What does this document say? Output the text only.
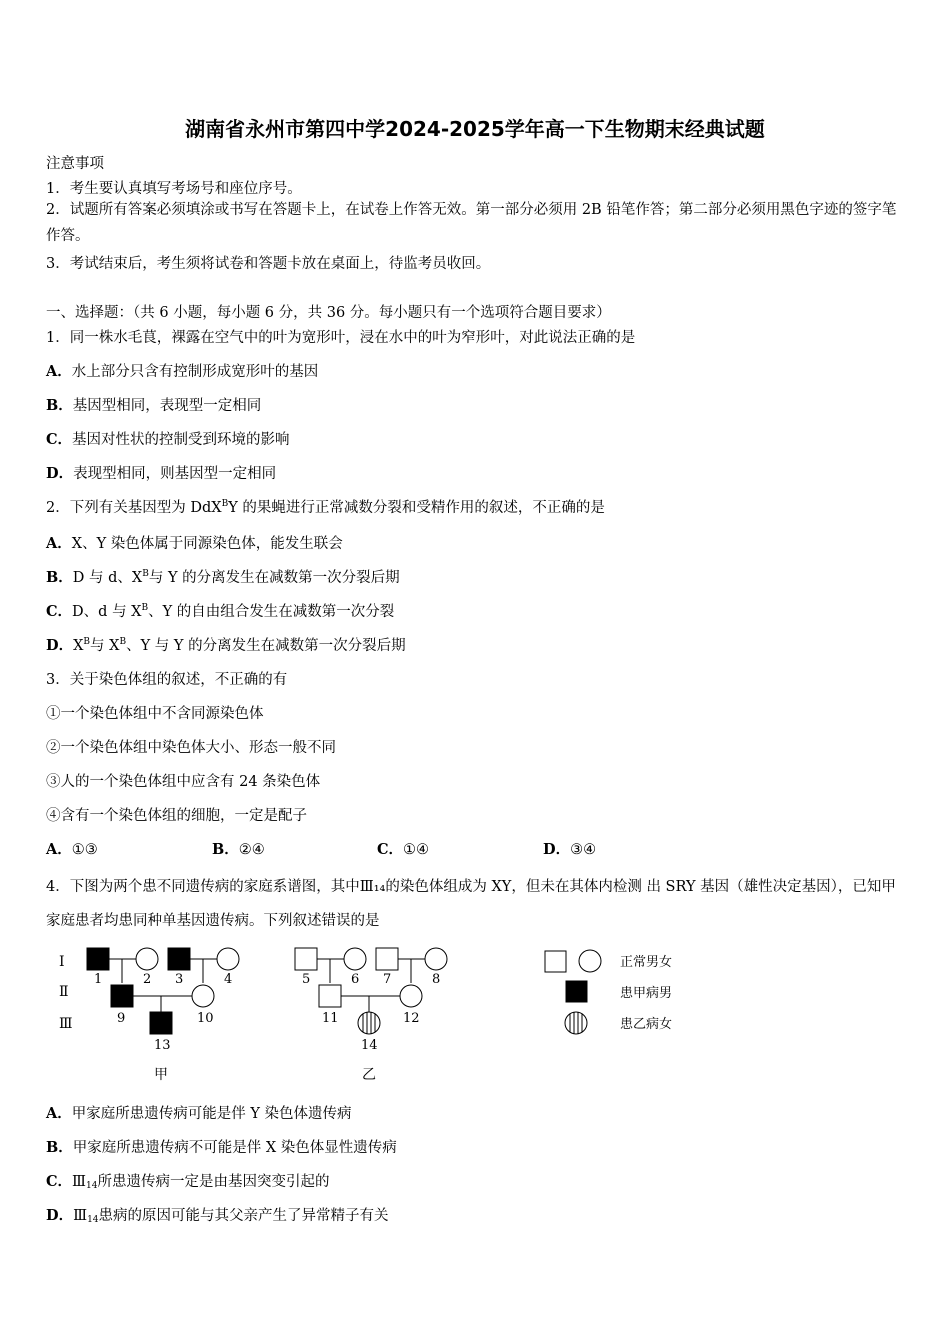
湖南省永州市第四中学2024-2025学年高一下生物期末经典试题
注意事项
1．考生要认真填写考场号和座位序号。
2．试题所有答案必须填涂或书写在答题卡上，在试卷上作答无效。第一部分必须用 2B 铅笔作答；第二部分必须用黑色字迹的签字笔作答。
3．考试结束后，考生须将试卷和答题卡放在桌面上，待监考员收回。
一、选择题：（共 6 小题，每小题 6 分，共 36 分。每小题只有一个选项符合题目要求）
1．同一株水毛茛，裸露在空气中的叶为宽形叶，浸在水中的叶为窄形叶，对此说法正确的是
A．水上部分只含有控制形成宽形叶的基因
B．基因型相同，表现型一定相同
C．基因对性状的控制受到环境的影响
D．表现型相同，则基因型一定相同
2．下列有关基因型为 DdX$^B$Y 的果蝇进行正常减数分裂和受精作用的叙述，不正确的是
A．X、Y 染色体属于同源染色体，能发生联会
B．D 与 d、$X^B$与 Y 的分离发生在减数第一次分裂后期
C．D、d 与 $X^B$、Y 的自由组合发生在减数第一次分裂
D．$X^B$与 $X^B$、Y 与 Y 的分离发生在减数第一次分裂后期
3．关于染色体组的叙述，不正确的有
①一个染色体组中不含同源染色体
②一个染色体组中染色体大小、形态一般不同
③人的一个染色体组中应含有 24 条染色体
④含有一个染色体组的细胞，一定是配子
A．①③	B．②④	C．①④	D．③④
4．下图为两个患不同遗传病的家庭系谱图，其中Ⅲ₁₄的染色体组成为 XY，但未在其体内检测 出 SRY 基因（雄性决定基因），已知甲家庭患者均患同种单基因遗传病。下列叙述错误的是
Ⅰ
Ⅱ
Ⅲ
1	2 3	4	5	6 7	8
9	10	11	12
13	14
甲	乙
正常男女
患甲病男
患乙病女
A．甲家庭所患遗传病可能是伴 Y 染色体遗传病
B．甲家庭所患遗传病不可能是伴 X 染色体显性遗传病
C．$Ⅲ_{14}$所患遗传病一定是由基因突变引起的
D．$Ⅲ_{14}$患病的原因可能与其父亲产生了异常精子有关
